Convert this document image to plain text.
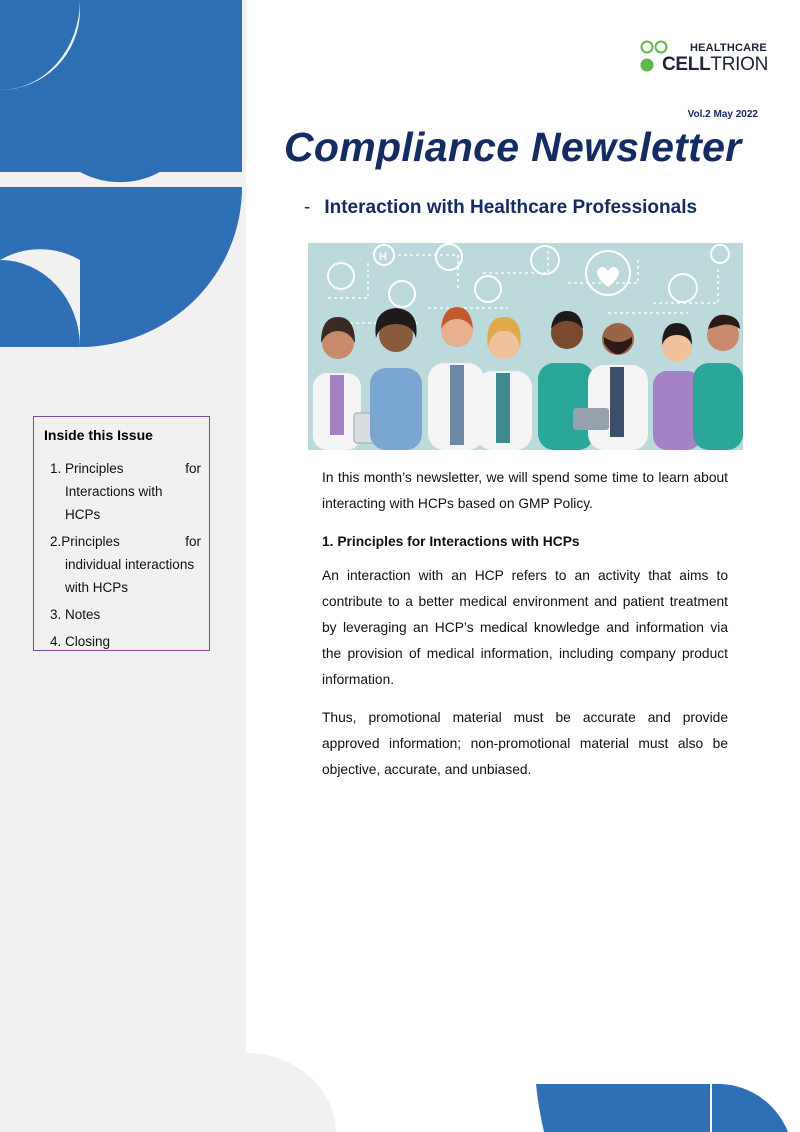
HEALTHCARE
CELLTRION
Vol.2 May 2022
Compliance Newsletter
- Interaction with Healthcare Professionals
H
Inside this Issue
1. Principles	for
Interactions with HCPs
2.Principles	for
individual interactions
with HCPs
3. Notes
4. Closing

In this month’s newsletter, we will spend some time to learn about interacting with HCPs based on GMP Policy.

1. Principles for Interactions with HCPs

An interaction with an HCP refers to an activity that aims to contribute to a better medical environment and patient treatment by leveraging an HCP’s medical knowledge and information via the provision of medical information, including company product information.

Thus, promotional material must be accurate and provide approved information; non-promotional material must also be objective, accurate, and unbiased.
